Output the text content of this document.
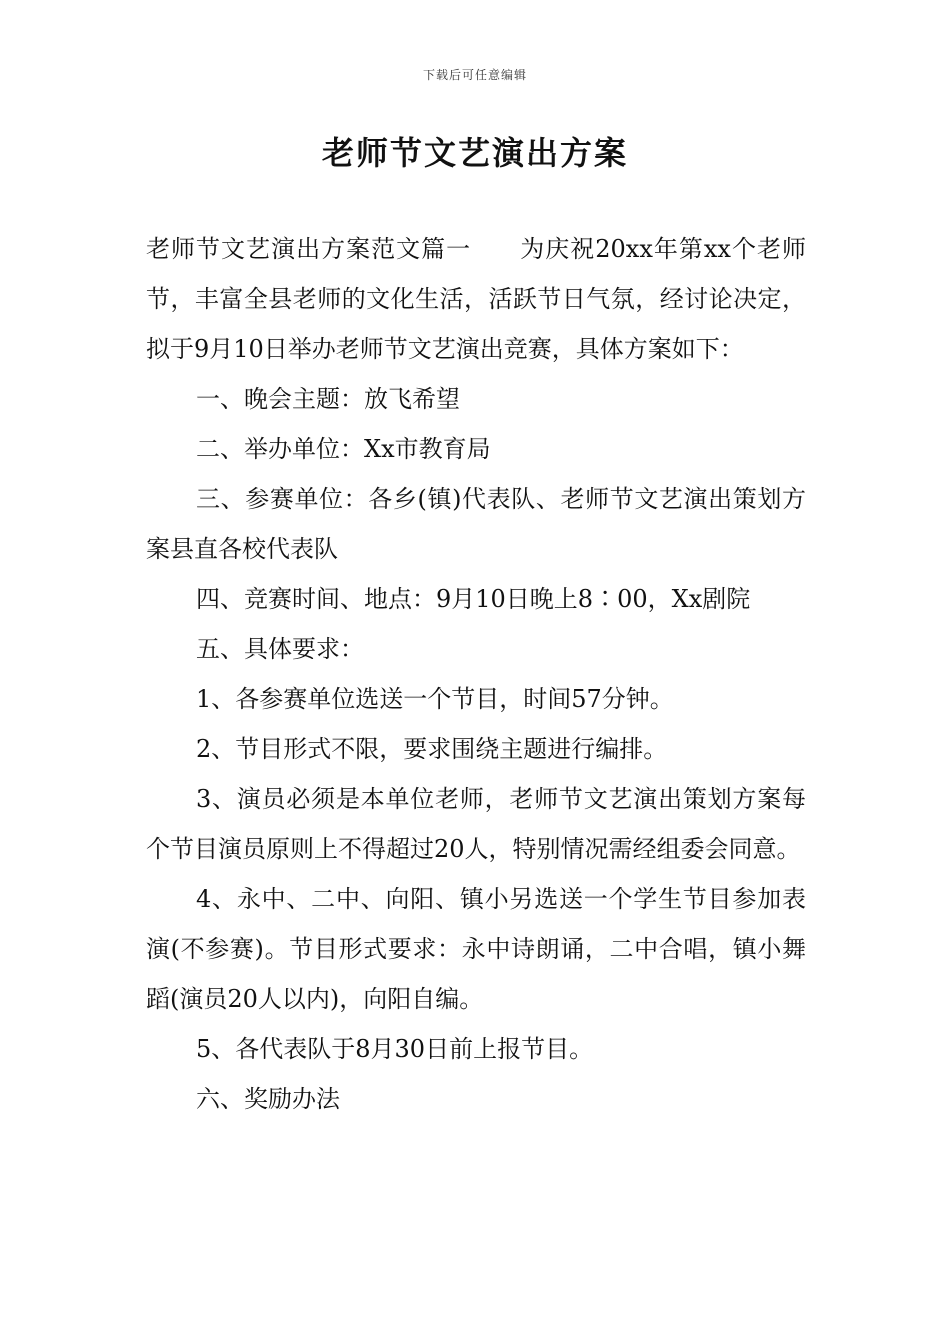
下载后可任意编辑
老师节文艺演出方案

老师节文艺演出方案范文篇一 为庆祝20xx年第xx个老师节，丰富全县老师的文化生活，活跃节日气氛，经讨论决定，拟于9月10日举办老师节文艺演出竞赛，具体方案如下：

一、晚会主题：放飞希望

二、举办单位：Xx市教育局

三、参赛单位：各乡(镇)代表队、老师节文艺演出策划方案县直各校代表队

四、竞赛时间、地点：9月10日晚上8∶00，Xx剧院

五、具体要求：

1、各参赛单位选送一个节目，时间57分钟。

2、节目形式不限，要求围绕主题进行编排。

3、演员必须是本单位老师，老师节文艺演出策划方案每个节目演员原则上不得超过20人，特别情况需经组委会同意。

4、永中、二中、向阳、镇小另选送一个学生节目参加表演(不参赛)。节目形式要求：永中诗朗诵，二中合唱，镇小舞蹈(演员20人以内)，向阳自编。

5、各代表队于8月30日前上报节目。

六、奖励办法
